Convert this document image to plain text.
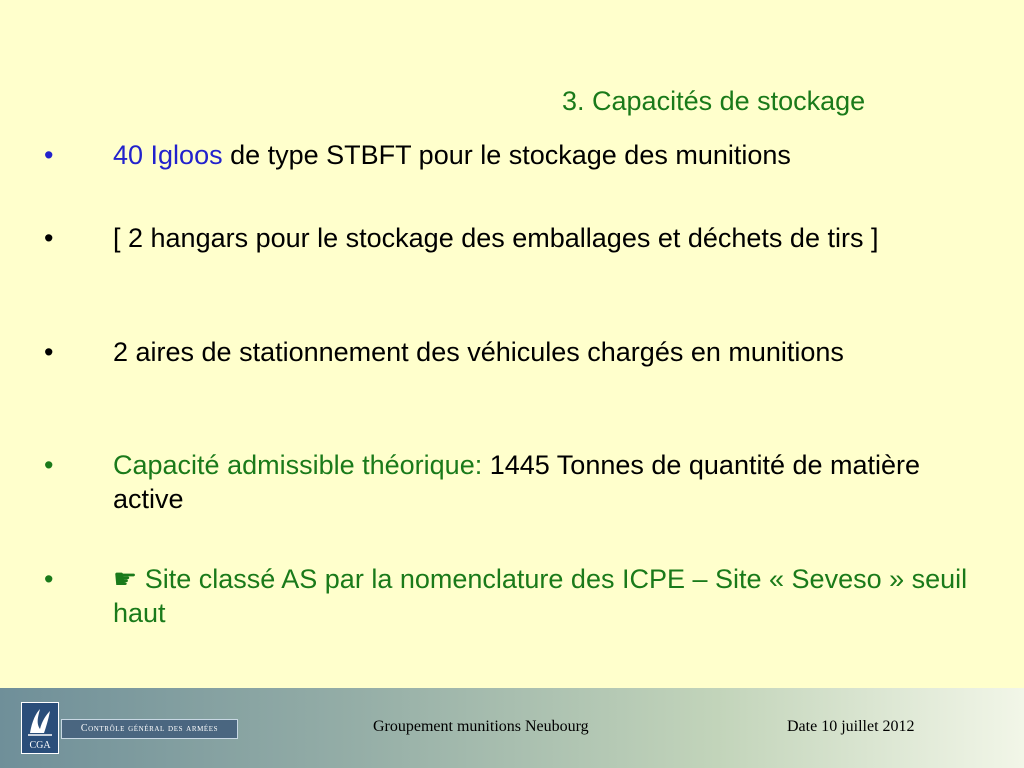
3. Capacités de stockage
• 40 Igloos de type STBFT pour le stockage des munitions
• [ 2 hangars pour le stockage des emballages et déchets de tirs ]
• 2 aires de stationnement des véhicules chargés en munitions
• Capacité admissible théorique: 1445 Tonnes de quantité de matière active
• ☛ Site classé AS par la nomenclature des ICPE – Site « Seveso » seuil haut
CGA
Contrôle général des armées	Groupement munitions Neubourg	Date 10 juillet 2012
